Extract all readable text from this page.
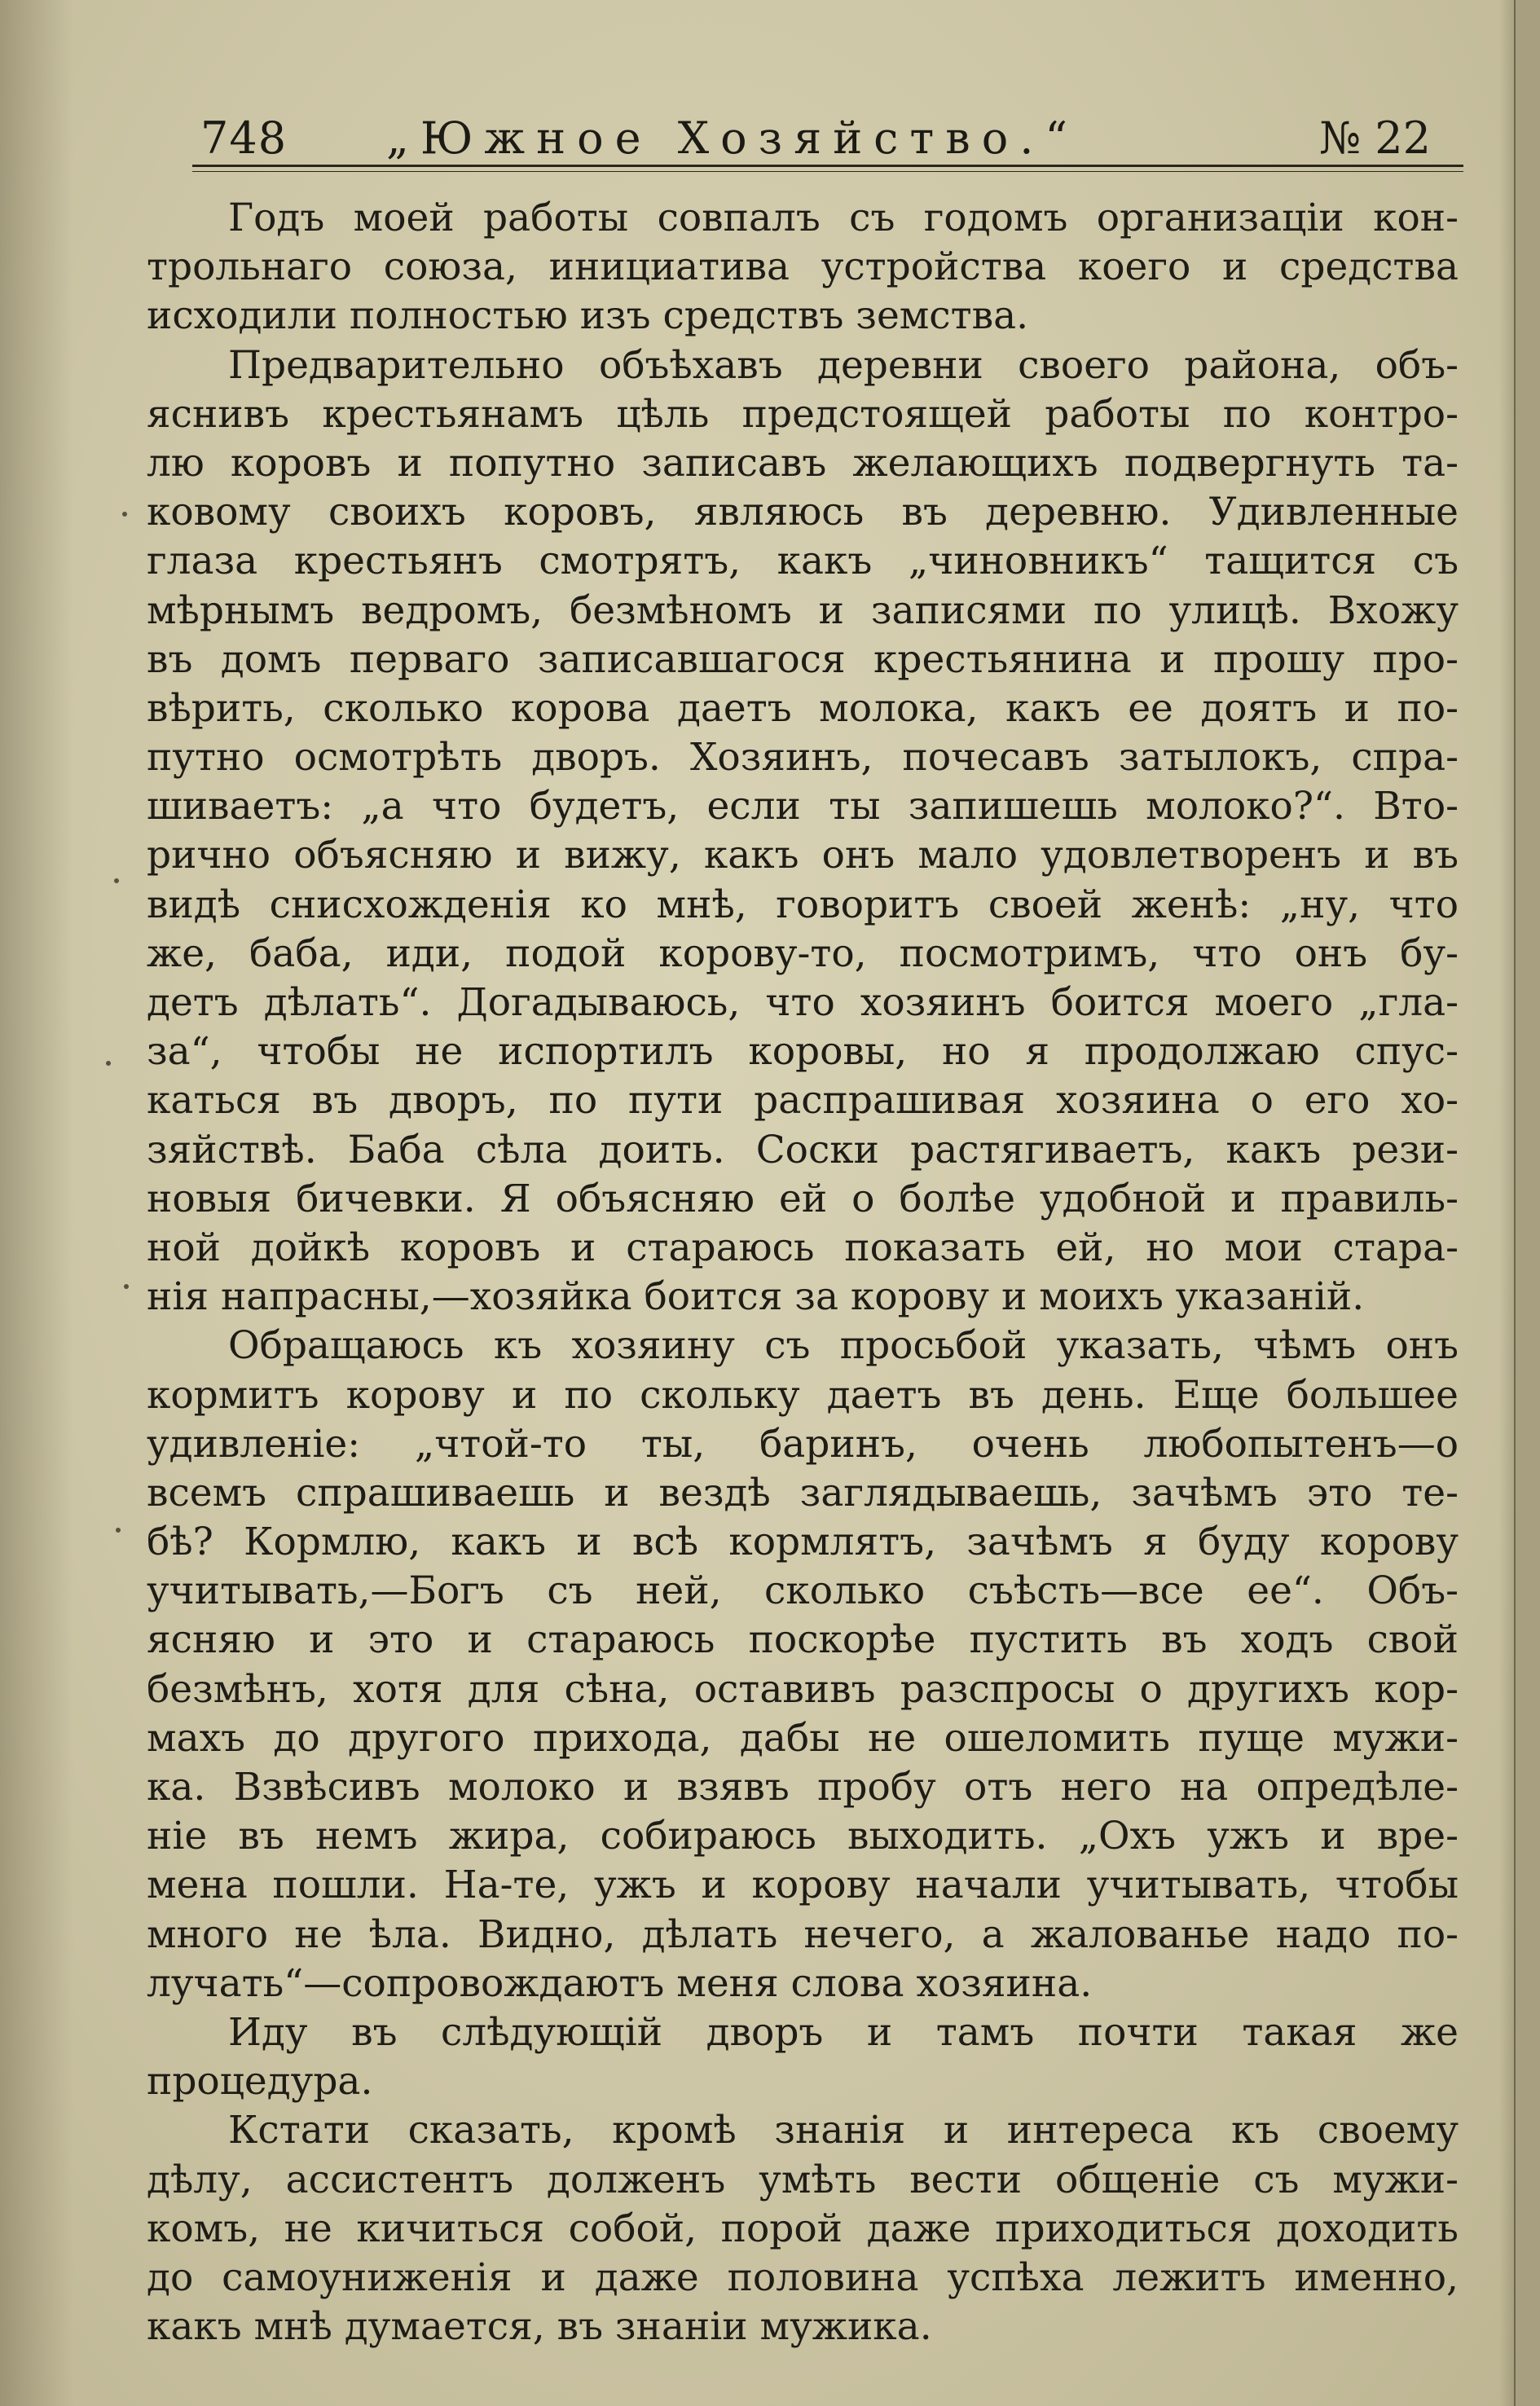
748 „Южное Хозяйство.“	№ 22
Годъ моей работы совпалъ съ годомъ организаціи кон-
трольнаго союза, инициатива устройства коего и средства
исходили полностью изъ средствъ земства.
Предварительно объѣхавъ деревни своего района, объ-
яснивъ крестьянамъ цѣль предстоящей работы по контро-
лю коровъ и попутно записавъ желающихъ подвергнуть та-
ковому своихъ коровъ, являюсь въ деревню. Удивленные
глаза крестьянъ смотрятъ, какъ „чиновникъ“ тащится съ
мѣрнымъ ведромъ, безмѣномъ и записями по улицѣ. Вхожу
въ домъ перваго записавшагося крестьянина и прошу про-
вѣрить, сколько корова даетъ молока, какъ ее доятъ и по-
путно осмотрѣть дворъ. Хозяинъ, почесавъ затылокъ, спра-
шиваетъ: „а что будетъ, если ты запишешь молоко?“. Вто-
рично объясняю и вижу, какъ онъ мало удовлетворенъ и въ
видѣ снисхожденія ко мнѣ, говоритъ своей женѣ: „ну, что
же, баба, иди, подой корову-то, посмотримъ, что онъ бу-
детъ дѣлать“. Догадываюсь, что хозяинъ боится моего „гла-
за“, чтобы не испортилъ коровы, но я продолжаю спус-
каться въ дворъ, по пути распрашивая хозяина о его хо-
зяйствѣ. Баба сѣла доить. Соски растягиваетъ, какъ рези-
новыя бичевки. Я объясняю ей о болѣе удобной и правиль-
ной дойкѣ коровъ и стараюсь показать ей, но мои стара-
нія напрасны,—хозяйка боится за корову и моихъ указаній.
Обращаюсь къ хозяину съ просьбой указать, чѣмъ онъ
кормитъ корову и по скольку даетъ въ день. Еще большее
удивленіе: „чтой-то ты, баринъ, очень любопытенъ—о
всемъ спрашиваешь и вездѣ заглядываешь, зачѣмъ это те-
бѣ? Кормлю, какъ и всѣ кормлятъ, зачѣмъ я буду корову
учитывать,—Богъ съ ней, сколько съѣсть—все ее“. Объ-
ясняю и это и стараюсь поскорѣе пустить въ ходъ свой
безмѣнъ, хотя для сѣна, оставивъ разспросы о другихъ кор-
махъ до другого прихода, дабы не ошеломить пуще мужи-
ка. Взвѣсивъ молоко и взявъ пробу отъ него на опредѣле-
ніе въ немъ жира, собираюсь выходить. „Охъ ужъ и вре-
мена пошли. На-те, ужъ и корову начали учитывать, чтобы
много не ѣла. Видно, дѣлать нечего, а жалованье надо по-
лучать“—сопровождаютъ меня слова хозяина.
Иду въ слѣдующій дворъ и тамъ почти такая же
процедура.
Кстати сказать, кромѣ знанія и интереса къ своему
дѣлу, ассистентъ долженъ умѣть вести общеніе съ мужи-
комъ, не кичиться собой, порой даже приходиться доходить
до самоуниженія и даже половина успѣха лежитъ именно,
какъ мнѣ думается, въ знаніи мужика.
